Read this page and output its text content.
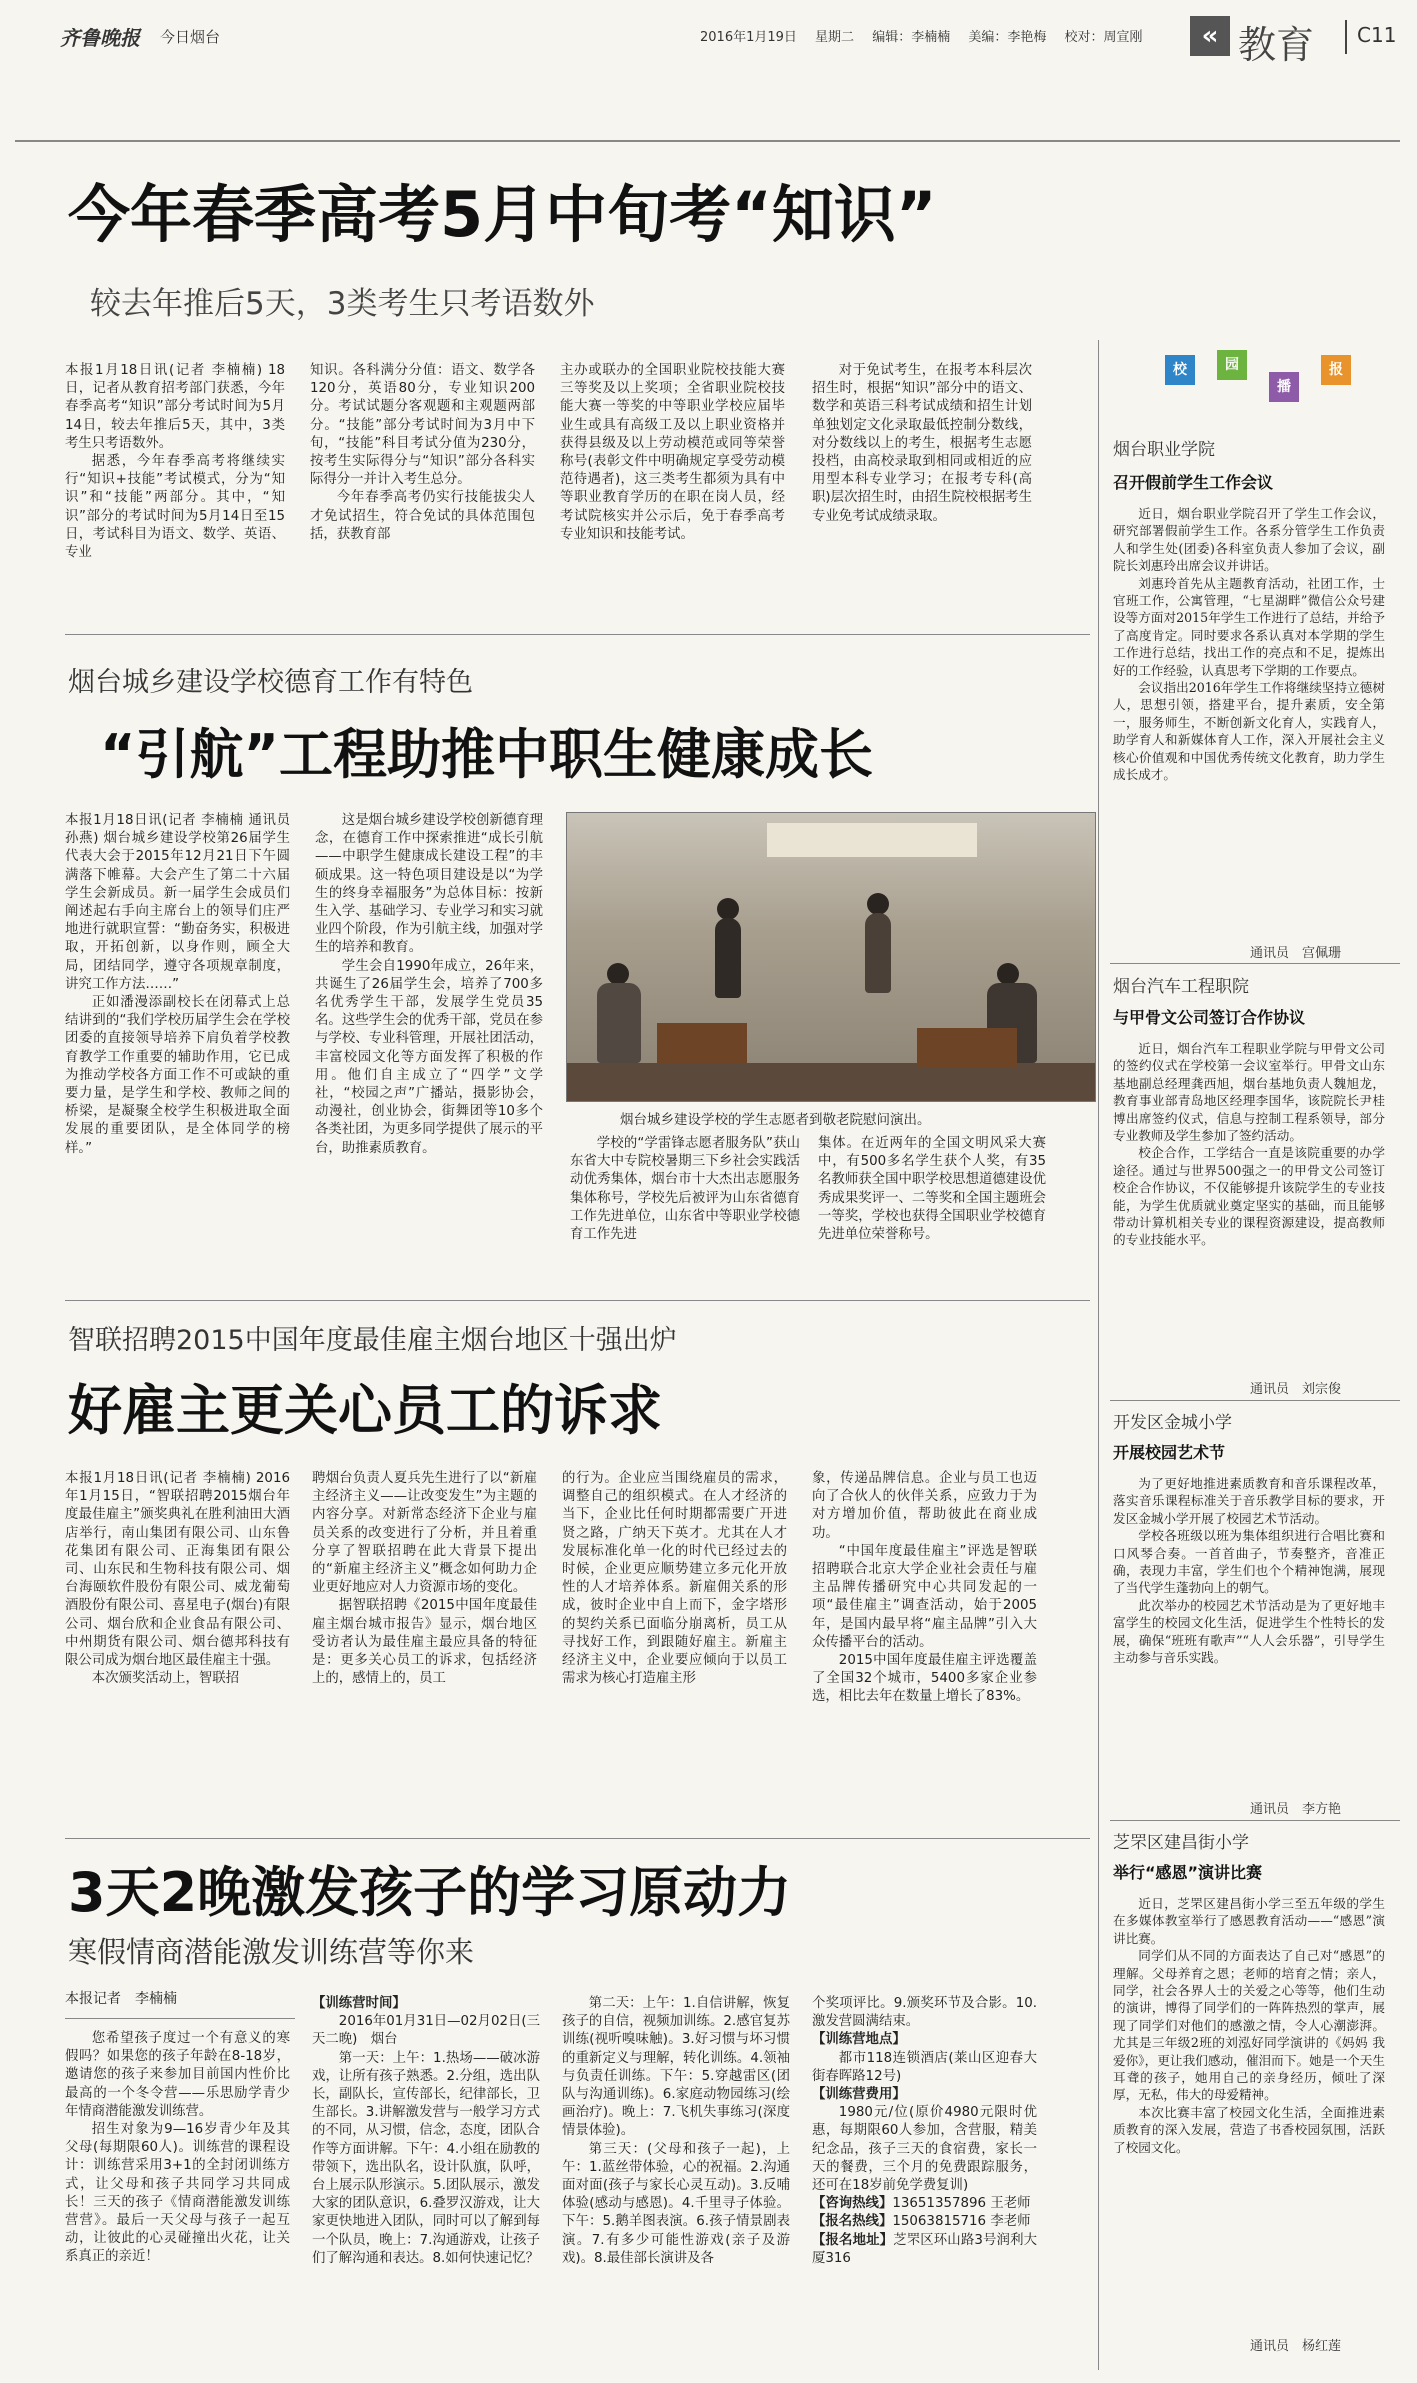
齐鲁晚报 今日烟台	2016年1月19日 星期二 编辑：李楠楠 美编：李艳梅 校对：周宣刚	« 教育	C11
今年春季高考5月中旬考“知识”
较去年推后5天，3类考生只考语数外

本报1月18日讯(记者 李楠楠) 18日，记者从教育招考部门获悉，今年春季高考“知识”部分考试时间为5月14日，较去年推后5天，其中，3类考生只考语数外。

据悉，今年春季高考将继续实行“知识+技能”考试模式，分为“知识”和“技能”两部分。其中，“知识”部分的考试时间为5月14日至15日，考试科目为语文、数学、英语、专业

知识。各科满分分值：语文、数学各120分，英语80分，专业知识200分。考试试题分客观题和主观题两部分。“技能”部分考试时间为3月中下旬，“技能”科目考试分值为230分，按考生实际得分与“知识”部分各科实际得分一并计入考生总分。

今年春季高考仍实行技能拔尖人才免试招生，符合免试的具体范围包括，获教育部

主办或联办的全国职业院校技能大赛三等奖及以上奖项；全省职业院校技能大赛一等奖的中等职业学校应届毕业生或具有高级工及以上职业资格并获得县级及以上劳动模范或同等荣誉称号(表彰文件中明确规定享受劳动模范待遇者)，这三类考生都须为具有中等职业教育学历的在职在岗人员，经考试院核实并公示后，免于春季高考专业知识和技能考试。

对于免试考生，在报考本科层次招生时，根据“知识”部分中的语文、数学和英语三科考试成绩和招生计划单独划定文化录取最低控制分数线，对分数线以上的考生，根据考生志愿投档，由高校录取到相同或相近的应用型本科专业学习；在报考专科(高职)层次招生时，由招生院校根据考生专业免考试成绩录取。

烟台城乡建设学校德育工作有特色
“引航”工程助推中职生健康成长

本报1月18日讯(记者 李楠楠 通讯员 孙燕) 烟台城乡建设学校第26届学生代表大会于2015年12月21日下午圆满落下帷幕。大会产生了第二十六届学生会新成员。新一届学生会成员们阐述起右手向主席台上的领导们庄严地进行就职宣誓：“勤奋务实，积极进取，开拓创新，以身作则，顾全大局，团结同学，遵守各项规章制度，讲究工作方法……”

正如潘漫添副校长在闭幕式上总结讲到的“我们学校历届学生会在学校团委的直接领导培养下肩负着学校教育教学工作重要的辅助作用，它已成为推动学校各方面工作不可或缺的重要力量，是学生和学校、教师之间的桥梁，是凝聚全校学生积极进取全面发展的重要团队，是全体同学的榜样。”

这是烟台城乡建设学校创新德育理念，在德育工作中探索推进“成长引航——中职学生健康成长建设工程”的丰硕成果。这一特色项目建设是以“为学生的终身幸福服务”为总体目标：按新生入学、基础学习、专业学习和实习就业四个阶段，作为引航主线，加强对学生的培养和教育。

学生会自1990年成立，26年来，共诞生了26届学生会，培养了700多名优秀学生干部，发展学生党员35名。这些学生会的优秀干部，党员在参与学校、专业科管理，开展社团活动，丰富校园文化等方面发挥了积极的作用。他们自主成立了“四学”文学社，“校园之声”广播站，摄影协会，动漫社，创业协会，街舞团等10多个各类社团，为更多同学提供了展示的平台，助推素质教育。

烟台城乡建设学校的学生志愿者到敬老院慰问演出。

学校的“学雷锋志愿者服务队”获山东省大中专院校暑期三下乡社会实践活动优秀集体，烟台市十大杰出志愿服务集体称号，学校先后被评为山东省德育工作先进单位，山东省中等职业学校德育工作先进

集体。在近两年的全国文明风采大赛中，有500多名学生获个人奖，有35名教师获全国中职学校思想道德建设优秀成果奖评一、二等奖和全国主题班会一等奖，学校也获得全国职业学校德育先进单位荣誉称号。

智联招聘2015中国年度最佳雇主烟台地区十强出炉
好雇主更关心员工的诉求

本报1月18日讯(记者 李楠楠) 2016年1月15日，“智联招聘2015烟台年度最佳雇主”颁奖典礼在胜利油田大酒店举行，南山集团有限公司、山东鲁花集团有限公司、正海集团有限公司、山东民和生物科技有限公司、烟台海颐软件股份有限公司、威龙葡萄酒股份有限公司、喜星电子(烟台)有限公司、烟台欣和企业食品有限公司、中州期货有限公司、烟台德邦科技有限公司成为烟台地区最佳雇主十强。

本次颁奖活动上，智联招

聘烟台负责人夏兵先生进行了以“新雇主经济主义——让改变发生”为主题的内容分享。对新常态经济下企业与雇员关系的改变进行了分析，并且着重分享了智联招聘在此大背景下提出的“新雇主经济主义”概念如何助力企业更好地应对人力资源市场的变化。

据智联招聘《2015中国年度最佳雇主烟台城市报告》显示，烟台地区受访者认为最佳雇主最应具备的特征是：更多关心员工的诉求，包括经济上的，感情上的，员工

的行为。企业应当围绕雇员的需求，调整自己的组织模式。在人才经济的当下，企业比任何时期都需要广开进贤之路，广纳天下英才。尤其在人才发展标准化单一化的时代已经过去的时候，企业更应顺势建立多元化开放性的人才培养体系。新雇佣关系的形成，彼时企业中自上而下，金字塔形的契约关系已面临分崩离析，员工从寻找好工作，到跟随好雇主。新雇主经济主义中，企业要应倾向于以员工需求为核心打造雇主形

象，传递品牌信息。企业与员工也迈向了合伙人的伙伴关系，应致力于为对方增加价值，帮助彼此在商业成功。

“中国年度最佳雇主”评选是智联招聘联合北京大学企业社会责任与雇主品牌传播研究中心共同发起的一项“最佳雇主”调查活动，始于2005年，是国内最早将“雇主品牌”引入大众传播平台的活动。

2015中国年度最佳雇主评选覆盖了全国32个城市，5400多家企业参选，相比去年在数量上增长了83%。

3天2晚激发孩子的学习原动力
寒假情商潜能激发训练营等你来
本报记者　李楠楠

您希望孩子度过一个有意义的寒假吗？如果您的孩子年龄在8-18岁，邀请您的孩子来参加目前国内性价比最高的一个冬令营——乐思励学青少年情商潜能激发训练营。

招生对象为9—16岁青少年及其父母(每期限60人)。训练营的课程设计：训练营采用3+1的全封闭训练方式，让父母和孩子共同学习共同成长！三天的孩子《情商潜能激发训练营营》。最后一天父母与孩子一起互动，让彼此的心灵碰撞出火花，让关系真正的亲近！

【训练营时间】

2016年01月31日—02月02日(三天二晚)　烟台

第一天：上午：1.热场——破冰游戏，让所有孩子熟悉。2.分组，选出队长，副队长，宣传部长，纪律部长，卫生部长。3.讲解激发营与一般学习方式的不同，从习惯，信念，态度，团队合作等方面讲解。下午：4.小组在励教的带领下，选出队名，设计队旗，队呼，台上展示队形演示。5.团队展示，激发大家的团队意识，6.叠罗汉游戏，让大家更快地进入团队，同时可以了解到每一个队员，晚上：7.沟通游戏，让孩子们了解沟通和表达。8.如何快速记忆？

第二天：上午：1.自信讲解，恢复孩子的自信，视频加训练。2.感官复苏训练(视听嗅味触)。3.好习惯与坏习惯的重新定义与理解，转化训练。4.领袖与负责任训练。下午：5.穿越雷区(团队与沟通训练)。6.家庭动物园练习(绘画治疗)。晚上：7.飞机失事练习(深度情景体验)。

第三天：(父母和孩子一起)，上午：1.蓝丝带体验，心的祝福。2.沟通面对面(孩子与家长心灵互动)。3.反哺体验(感动与感恩)。4.千里寻子体验。下午：5.鹅羊图表演。6.孩子情景剧表演。7.有多少可能性游戏(亲子及游戏)。8.最佳部长演讲及各

个奖项评比。9.颁奖环节及合影。10.激发营圆满结束。

【训练营地点】

都市118连锁酒店(莱山区迎春大街春晖路12号)

【训练营费用】

1980元/位(原价4980元限时优惠，每期限60人参加，含营服，精美纪念品，孩子三天的食宿费，家长一天的餐费，三个月的免费跟踪服务，还可在18岁前免学费复训)

【咨询热线】13651357896 王老师
【报名热线】15063815716 李老师
【报名地址】芝罘区环山路3号润利大厦316
校	园
播
报
烟台职业学院
召开假前学生工作会议

近日，烟台职业学院召开了学生工作会议，研究部署假前学生工作。各系分管学生工作负责人和学生处(团委)各科室负责人参加了会议，副院长刘惠玲出席会议并讲话。

刘惠玲首先从主题教育活动，社团工作，士官班工作，公寓管理，“七星湖畔”微信公众号建设等方面对2015年学生工作进行了总结，并给予了高度肯定。同时要求各系认真对本学期的学生工作进行总结，找出工作的亮点和不足，提炼出好的工作经验，认真思考下学期的工作要点。

会议指出2016年学生工作将继续坚持立德树人，思想引领，搭建平台，提升素质，安全第一，服务师生，不断创新文化育人，实践育人，助学育人和新媒体育人工作，深入开展社会主义核心价值观和中国优秀传统文化教育，助力学生成长成才。

通讯员　宫佩珊
烟台汽车工程职院
与甲骨文公司签订合作协议

近日，烟台汽车工程职业学院与甲骨文公司的签约仪式在学校第一会议室举行。甲骨文山东基地副总经理龚西旭，烟台基地负责人魏旭龙，教育事业部青岛地区经理李国华，该院院长尹桂博出席签约仪式，信息与控制工程系领导，部分专业教师及学生参加了签约活动。

校企合作，工学结合一直是该院重要的办学途径。通过与世界500强之一的甲骨文公司签订校企合作协议，不仅能够提升该院学生的专业技能，为学生优质就业奠定坚实的基础，而且能够带动计算机相关专业的课程资源建设，提高教师的专业技能水平。

通讯员　刘宗俊
开发区金城小学
开展校园艺术节

为了更好地推进素质教育和音乐课程改革，落实音乐课程标准关于音乐教学目标的要求，开发区金城小学开展了校园艺术节活动。

学校各班级以班为集体组织进行合唱比赛和口风琴合奏。一首首曲子，节奏整齐，音准正确，表现力丰富，学生们也个个精神饱满，展现了当代学生蓬勃向上的朝气。

此次举办的校园艺术节活动是为了更好地丰富学生的校园文化生活，促进学生个性特长的发展，确保“班班有歌声”“人人会乐器”，引导学生主动参与音乐实践。

通讯员　李方艳
芝罘区建昌街小学
举行“感恩”演讲比赛

近日，芝罘区建昌街小学三至五年级的学生在多媒体教室举行了感恩教育活动——“感恩”演讲比赛。

同学们从不同的方面表达了自己对“感恩”的理解。父母养育之恩；老师的培育之情；亲人，同学，社会各界人士的关爱之心等等，他们生动的演讲，博得了同学们的一阵阵热烈的掌声，展现了同学们对他们的感激之情，令人心潮澎湃。尤其是三年级2班的刘泓好同学演讲的《妈妈 我爱你》，更让我们感动，催泪而下。她是一个天生耳聋的孩子，她用自己的亲身经历，倾吐了深厚，无私，伟大的母爱精神。

本次比赛丰富了校园文化生活，全面推进素质教育的深入发展，营造了书香校园氛围，活跃了校园文化。

通讯员　杨红莲
